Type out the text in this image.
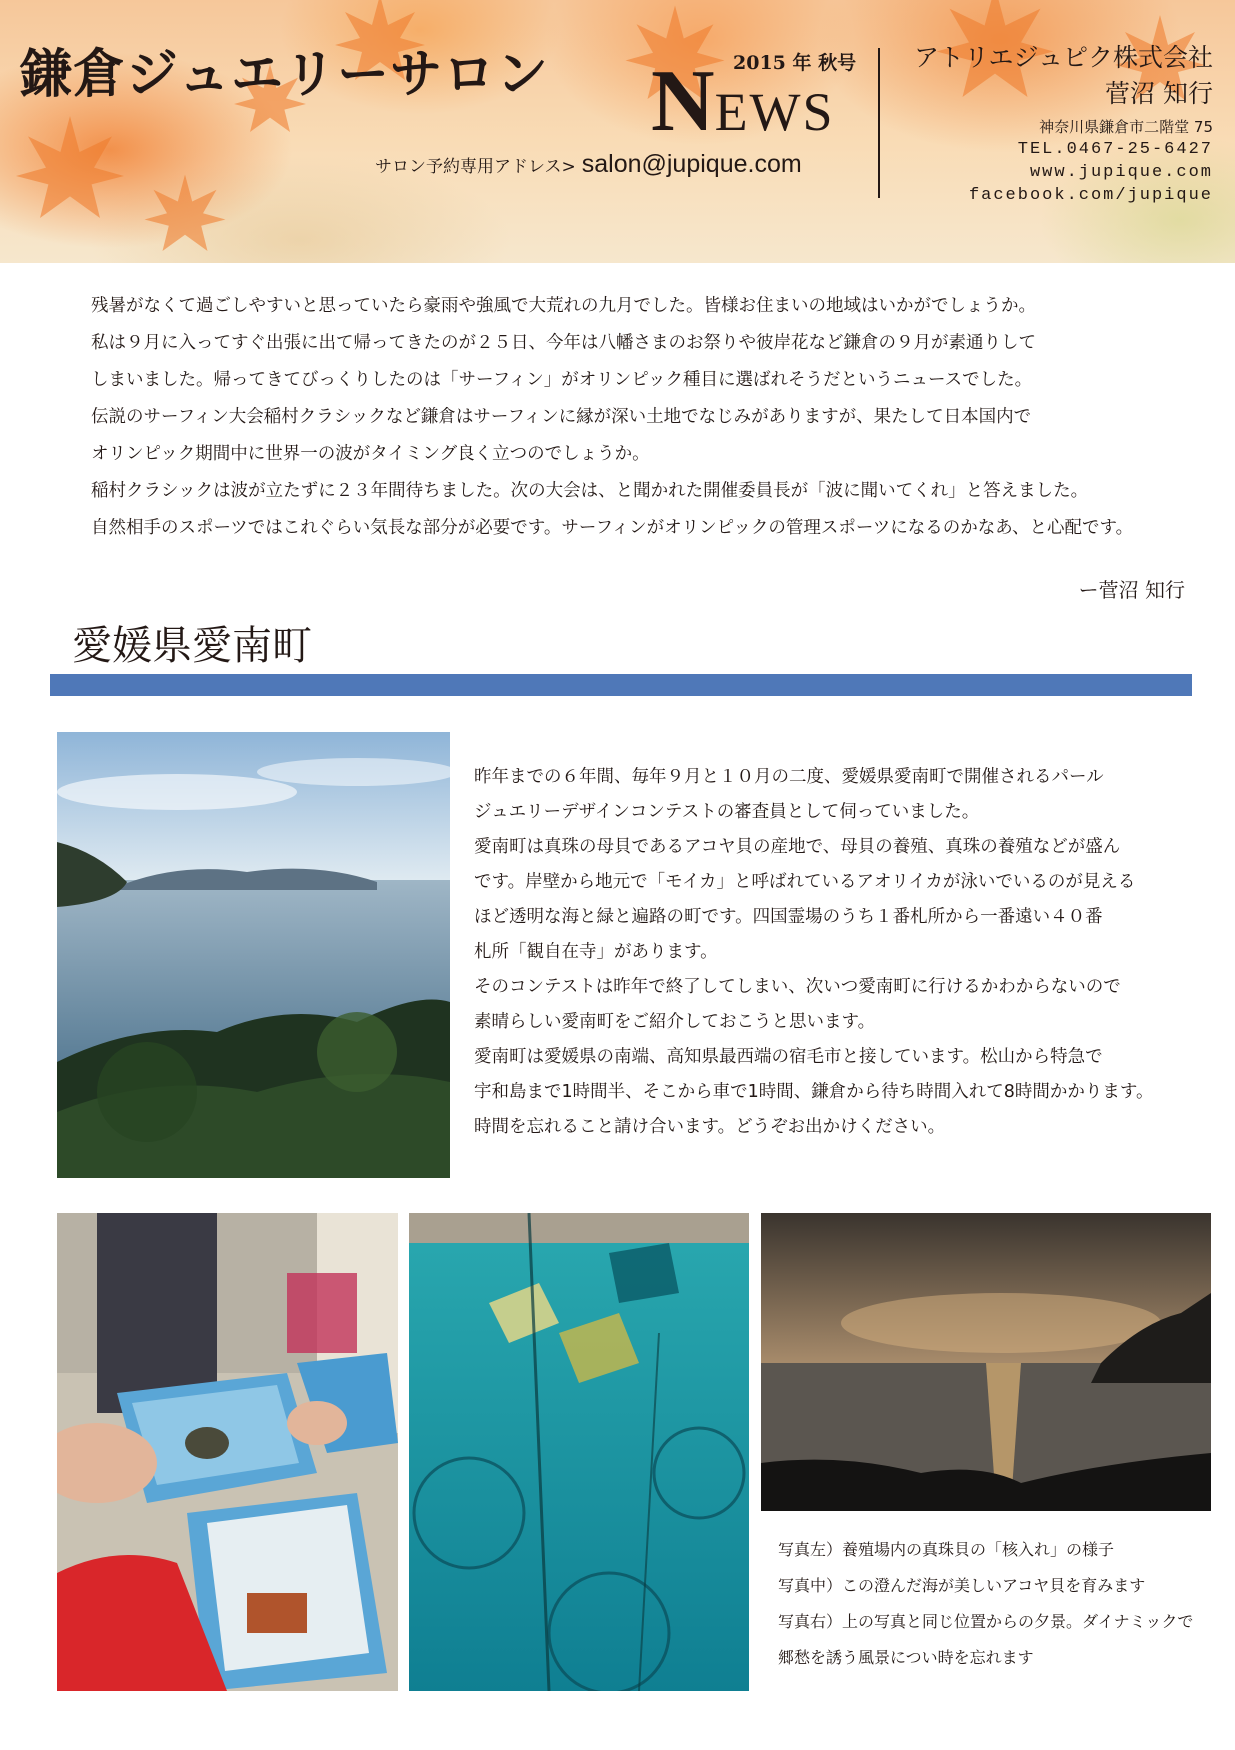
鎌倉ジュエリーサロン NEWS
2015 年 秋号
サロン予約専用アドレス> salon@jupique.com
アトリエジュピク株式会社
菅沼 知行
神奈川県鎌倉市二階堂 75
TEL.0467-25-6427
www.jupique.com
facebook.com/jupique

残暑がなくて過ごしやすいと思っていたら豪雨や強風で大荒れの九月でした。皆様お住まいの地域はいかがでしょうか。

私は９月に入ってすぐ出張に出て帰ってきたのが２５日、今年は八幡さまのお祭りや彼岸花など鎌倉の９月が素通りして

しまいました。帰ってきてびっくりしたのは「サーフィン」がオリンピック種目に選ばれそうだというニュースでした。

伝説のサーフィン大会稲村クラシックなど鎌倉はサーフィンに縁が深い土地でなじみがありますが、果たして日本国内で

オリンピック期間中に世界一の波がタイミング良く立つのでしょうか。

稲村クラシックは波が立たずに２３年間待ちました。次の大会は、と聞かれた開催委員長が「波に聞いてくれ」と答えました。

自然相手のスポーツではこれぐらい気長な部分が必要です。サーフィンがオリンピックの管理スポーツになるのかなあ、と心配です。

ー菅沼 知行
愛媛県愛南町

昨年までの６年間、毎年９月と１０月の二度、愛媛県愛南町で開催されるパール

ジュエリーデザインコンテストの審査員として伺っていました。

愛南町は真珠の母貝であるアコヤ貝の産地で、母貝の養殖、真珠の養殖などが盛ん

です。岸壁から地元で「モイカ」と呼ばれているアオリイカが泳いでいるのが見える

ほど透明な海と緑と遍路の町です。四国霊場のうち１番札所から一番遠い４０番

札所「観自在寺」があります。

そのコンテストは昨年で終了してしまい、次いつ愛南町に行けるかわからないので

素晴らしい愛南町をご紹介しておこうと思います。

愛南町は愛媛県の南端、高知県最西端の宿毛市と接しています。松山から特急で

宇和島まで1時間半、そこから車で1時間、鎌倉から待ち時間入れて8時間かかります。

時間を忘れること請け合います。どうぞお出かけください。

写真左）養殖場内の真珠貝の「核入れ」の様子

写真中）この澄んだ海が美しいアコヤ貝を育みます

写真右）上の写真と同じ位置からの夕景。ダイナミックで

郷愁を誘う風景につい時を忘れます
